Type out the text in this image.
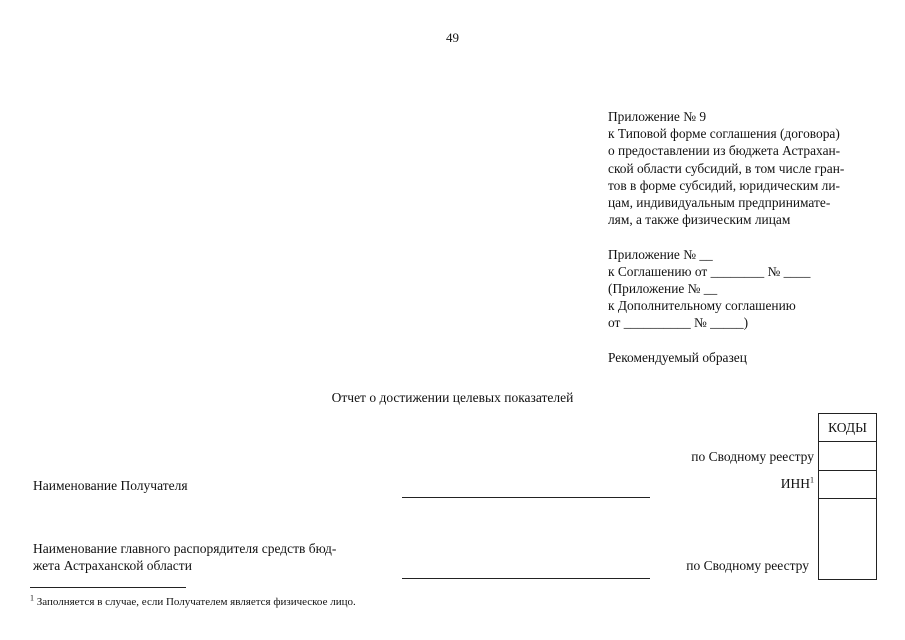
49
Приложение № 9
к Типовой форме соглашения (договора)
о предоставлении из бюджета Астрахан-
ской области субсидий, в том числе гран-
тов в форме субсидий, юридическим ли-
цам, индивидуальным предпринимате-
лям, а также физическим лицам
Приложение № __
к Соглашению от ________ № ____
(Приложение № __
к Дополнительному соглашению
от __________ № _____)
Рекомендуемый образец
Отчет о достижении целевых показателей
КОДЫ
по Сводному реестру
Наименование Получателя	ИНН$^1$
Наименование главного распорядителя средств бюд-
жета Астраханской области	по Сводному реестру
$^1$ Заполняется в случае, если Получателем является физическое лицо.
